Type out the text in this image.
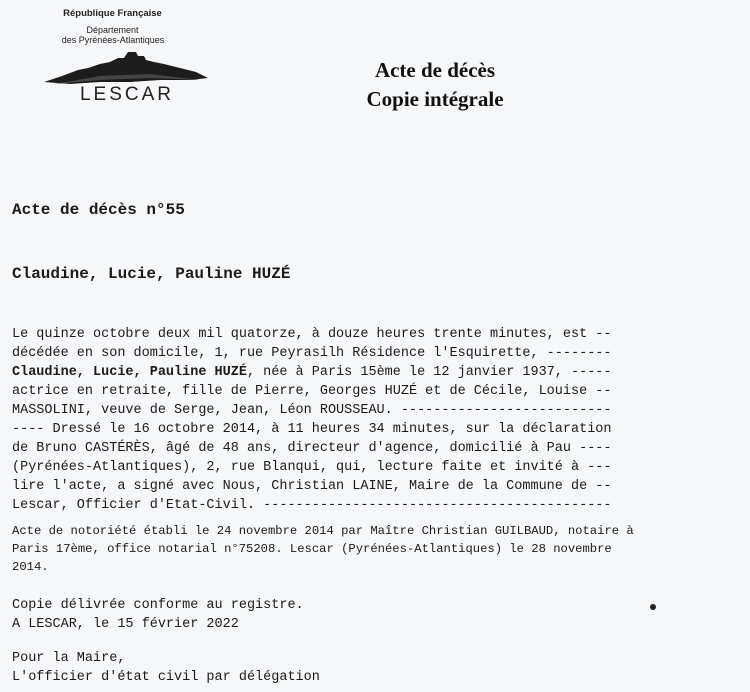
République Française
Département
des Pyrénées-Atlantiques
LESCAR
Acte de décès
Copie intégrale
Acte de décès n°55
Claudine, Lucie, Pauline HUZÉ
Le quinze octobre deux mil quatorze, à douze heures trente minutes, est --
décédée en son domicile, 1, rue Peyrasilh Résidence l'Esquirette, --------
Claudine, Lucie, Pauline HUZÉ, née à Paris 15ème le 12 janvier 1937, -----
actrice en retraite, fille de Pierre, Georges HUZÉ et de Cécile, Louise --
MASSOLINI, veuve de Serge, Jean, Léon ROUSSEAU. --------------------------
---- Dressé le 16 octobre 2014, à 11 heures 34 minutes, sur la déclaration
de Bruno CASTÉRÈS, âgé de 48 ans, directeur d'agence, domicilié à Pau ----
(Pyrénées-Atlantiques), 2, rue Blanqui, qui, lecture faite et invité à ---
lire l'acte, a signé avec Nous, Christian LAINE, Maire de la Commune de --
Lescar, Officier d'Etat-Civil. -------------------------------------------
Acte de notoriété établi le 24 novembre 2014 par Maître Christian GUILBAUD, notaire à
Paris 17ème, office notarial n°75208. Lescar (Pyrénées-Atlantiques) le 28 novembre
2014.
Copie délivrée conforme au registre.
A LESCAR, le 15 février 2022
Pour la Maire,
L'officier d'état civil par délégation
